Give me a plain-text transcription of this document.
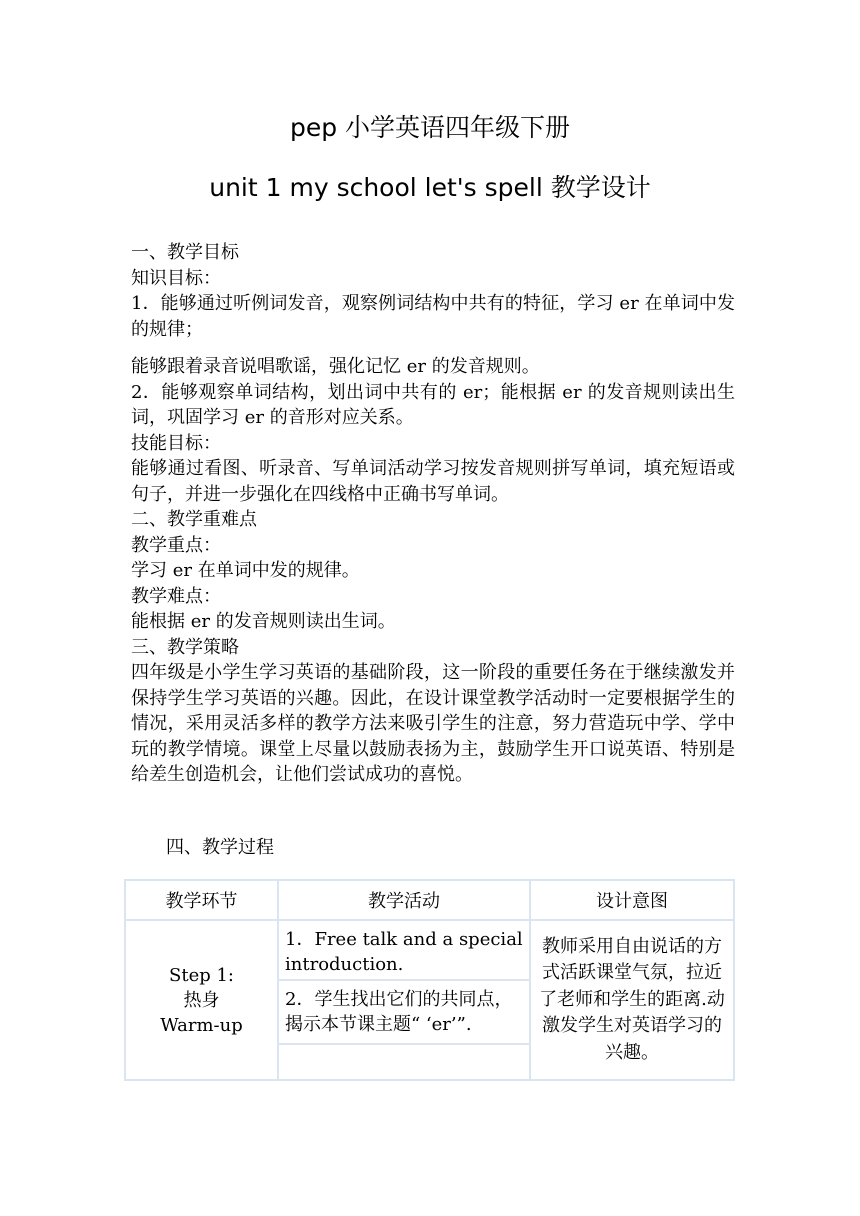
pep 小学英语四年级下册
unit 1 my school let's spell 教学设计

一、教学目标

知识目标：

1．能够通过听例词发音，观察例词结构中共有的特征，学习 er 在单词中发的规律；

能够跟着录音说唱歌谣，强化记忆 er 的发音规则。

2．能够观察单词结构，划出词中共有的 er；能根据 er 的发音规则读出生词，巩固学习 er 的音形对应关系。

技能目标：

能够通过看图、听录音、写单词活动学习按发音规则拼写单词，填充短语或句子，并进一步强化在四线格中正确书写单词。

二、教学重难点

教学重点：

学习 er 在单词中发的规律。

教学难点：

能根据 er 的发音规则读出生词。

三、教学策略

四年级是小学生学习英语的基础阶段，这一阶段的重要任务在于继续激发并保持学生学习英语的兴趣。因此，在设计课堂教学活动时一定要根据学生的情况，采用灵活多样的教学方法来吸引学生的注意，努力营造玩中学、学中玩的教学情境。课堂上尽量以鼓励表扬为主，鼓励学生开口说英语、特别是给差生创造机会，让他们尝试成功的喜悦。

四、教学过程

教学环节	教学活动	设计意图

Step 1:
热身
Warm-up	1．Free talk and a special introduction.	教师采用自由说话的方式活跃课堂气氛，拉近了老师和学生的距离.动激发学生对英语学习的兴趣。
	2．学生找出它们的共同点，揭示本节课主题“ ‘er’”.	
